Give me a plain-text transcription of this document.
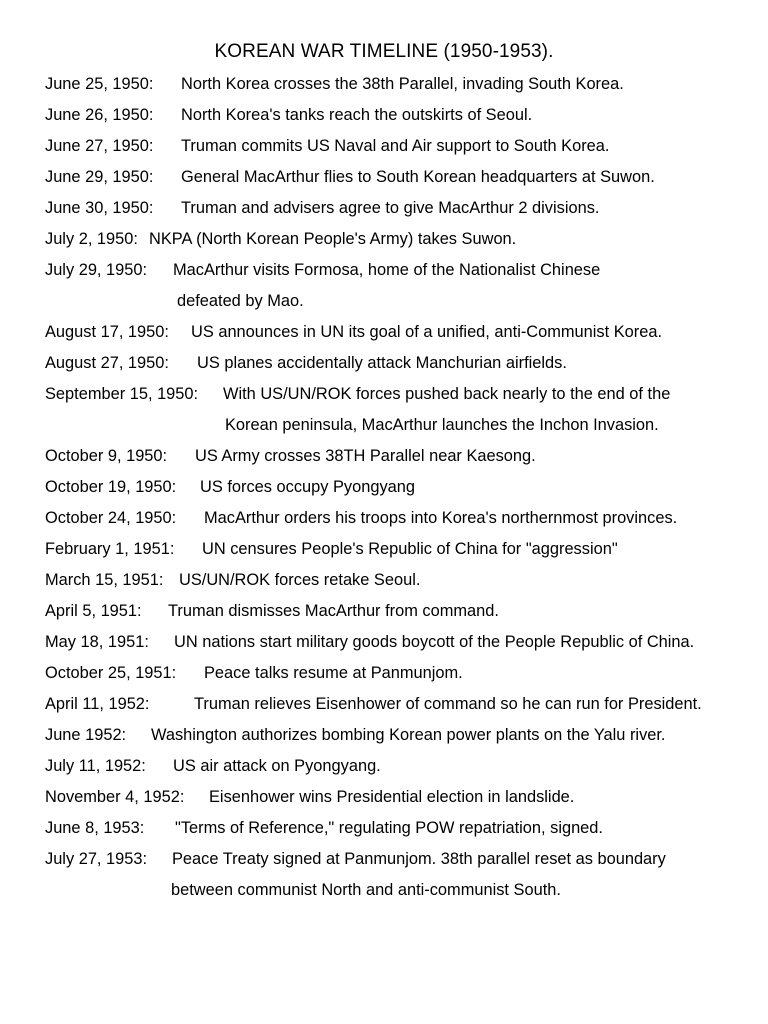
KOREAN WAR TIMELINE (1950-1953).
June 25, 1950: North Korea crosses the 38th Parallel, invading South Korea.
June 26, 1950: North Korea's tanks reach the outskirts of Seoul.
June 27, 1950: Truman commits US Naval and Air support to South Korea.
June 29, 1950: General MacArthur flies to South Korean headquarters at Suwon.
June 30, 1950: Truman and advisers agree to give MacArthur 2 divisions.
July 2, 1950: NKPA (North Korean People's Army) takes Suwon.
July 29, 1950: MacArthur visits Formosa, home of the Nationalist Chinese
defeated by Mao.
August 17, 1950: US announces in UN its goal of a unified, anti-Communist Korea.
August 27, 1950: US planes accidentally attack Manchurian airfields.
September 15, 1950: With US/UN/ROK forces pushed back nearly to the end of the
Korean peninsula, MacArthur launches the Inchon Invasion.
October 9, 1950: US Army crosses 38TH Parallel near Kaesong.
October 19, 1950: US forces occupy Pyongyang
October 24, 1950: MacArthur orders his troops into Korea's northernmost provinces.
February 1, 1951: UN censures People's Republic of China for "aggression"
March 15, 1951: US/UN/ROK forces retake Seoul.
April 5, 1951: Truman dismisses MacArthur from command.
May 18, 1951: UN nations start military goods boycott of the People Republic of China.
October 25, 1951: Peace talks resume at Panmunjom.
April 11, 1952:	Truman relieves Eisenhower of command so he can run for President.
June 1952: Washington authorizes bombing Korean power plants on the Yalu river.
July 11, 1952: US air attack on Pyongyang.
November 4, 1952: Eisenhower wins Presidential election in landslide.
June 8, 1953: "Terms of Reference," regulating POW repatriation, signed.
July 27, 1953: Peace Treaty signed at Panmunjom. 38th parallel reset as boundary
between communist North and anti-communist South.
